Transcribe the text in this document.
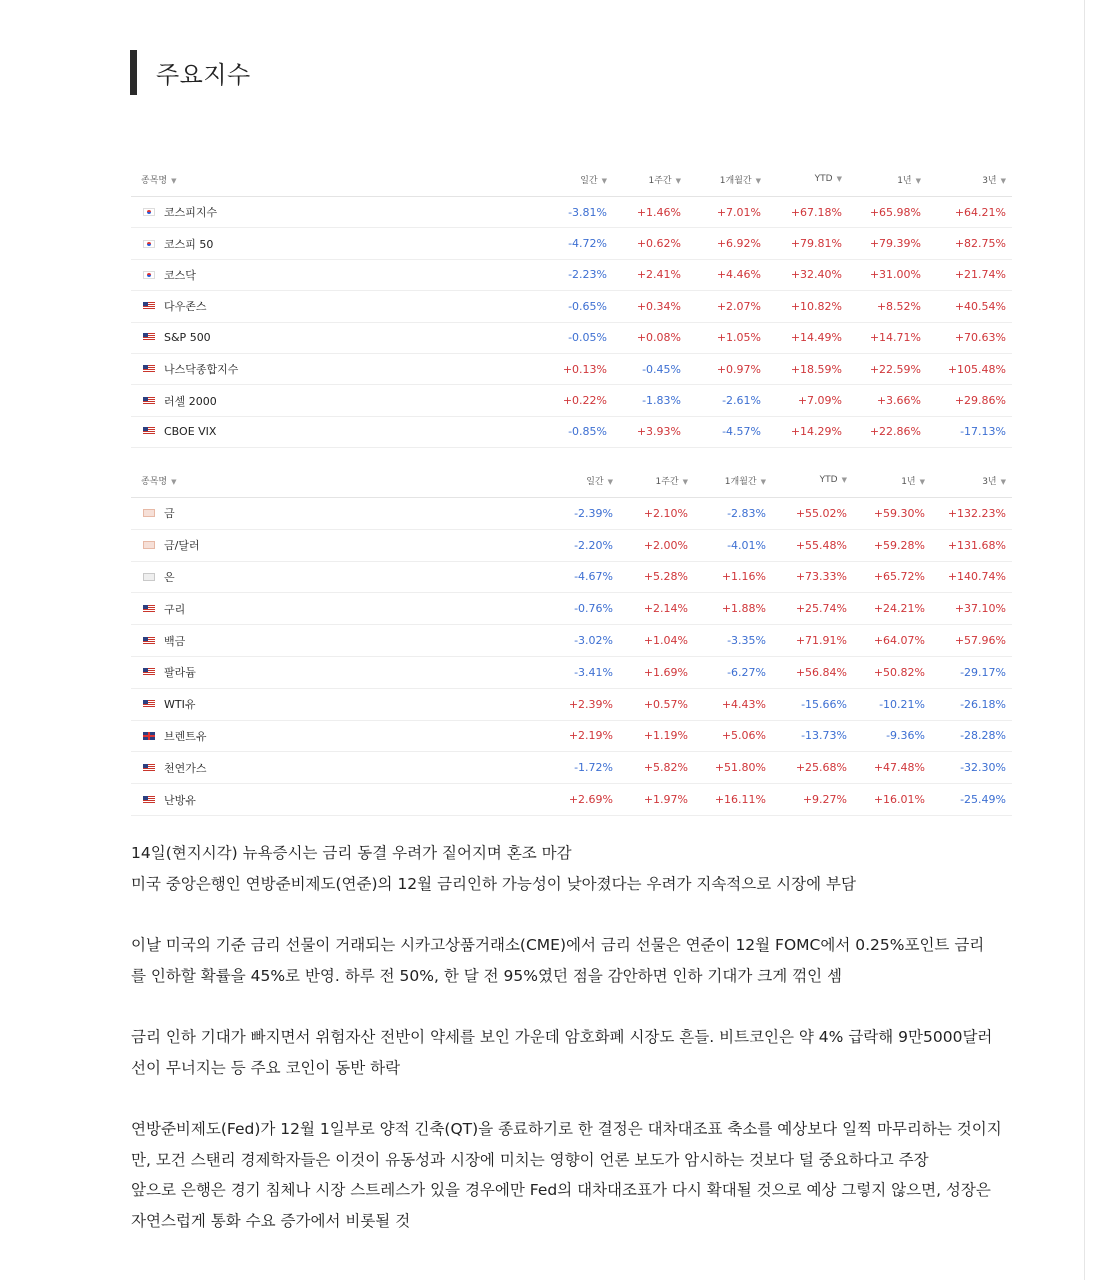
주요지수
종목명 ▼	일간 ▼	1주간 ▼	1개월간 ▼	YTD ▼	1년 ▼	3년 ▼
코스피지수	-3.81%	+1.46%	+7.01%	+67.18%	+65.98%	+64.21%
코스피 50	-4.72%	+0.62%	+6.92%	+79.81%	+79.39%	+82.75%
코스닥	-2.23%	+2.41%	+4.46%	+32.40%	+31.00%	+21.74%
다우존스	-0.65%	+0.34%	+2.07%	+10.82%	+8.52%	+40.54%
S&P 500	-0.05%	+0.08%	+1.05%	+14.49%	+14.71%	+70.63%
나스닥종합지수	+0.13%	-0.45%	+0.97%	+18.59%	+22.59%	+105.48%
러셀 2000	+0.22%	-1.83%	-2.61%	+7.09%	+3.66%	+29.86%
CBOE VIX	-0.85%	+3.93%	-4.57%	+14.29%	+22.86%	-17.13%
종목명 ▼	일간 ▼	1주간 ▼	1개월간 ▼	YTD ▼	1년 ▼	3년 ▼
금	-2.39%	+2.10%	-2.83%	+55.02%	+59.30%	+132.23%
금/달러	-2.20%	+2.00%	-4.01%	+55.48%	+59.28%	+131.68%
은	-4.67%	+5.28%	+1.16%	+73.33%	+65.72%	+140.74%
구리	-0.76%	+2.14%	+1.88%	+25.74%	+24.21%	+37.10%
백금	-3.02%	+1.04%	-3.35%	+71.91%	+64.07%	+57.96%
팔라듐	-3.41%	+1.69%	-6.27%	+56.84%	+50.82%	-29.17%
WTI유	+2.39%	+0.57%	+4.43%	-15.66%	-10.21%	-26.18%
브렌트유	+2.19%	+1.19%	+5.06%	-13.73%	-9.36%	-28.28%
천연가스	-1.72%	+5.82%	+51.80%	+25.68%	+47.48%	-32.30%
난방유	+2.69%	+1.97%	+16.11%	+9.27%	+16.01%	-25.49%

14일(현지시각) 뉴욕증시는 금리 동결 우려가 짙어지며 혼조 마감
미국 중앙은행인 연방준비제도(연준)의 12월 금리인하 가능성이 낮아졌다는 우려가 지속적으로 시장에 부담

이날 미국의 기준 금리 선물이 거래되는 시카고상품거래소(CME)에서 금리 선물은 연준이 12월 FOMC에서 0.25%포인트 금리
를 인하할 확률을 45%로 반영. 하루 전 50%, 한 달 전 95%였던 점을 감안하면 인하 기대가 크게 꺾인 셈

금리 인하 기대가 빠지면서 위험자산 전반이 약세를 보인 가운데 암호화폐 시장도 흔들. 비트코인은 약 4% 급락해 9만5000달러
선이 무너지는 등 주요 코인이 동반 하락

연방준비제도(Fed)가 12월 1일부로 양적 긴축(QT)을 종료하기로 한 결정은 대차대조표 축소를 예상보다 일찍 마무리하는 것이지
만, 모건 스탠리 경제학자들은 이것이 유동성과 시장에 미치는 영향이 언론 보도가 암시하는 것보다 덜 중요하다고 주장
앞으로 은행은 경기 침체나 시장 스트레스가 있을 경우에만 Fed의 대차대조표가 다시 확대될 것으로 예상 그렇지 않으면, 성장은
자연스럽게 통화 수요 증가에서 비롯될 것
